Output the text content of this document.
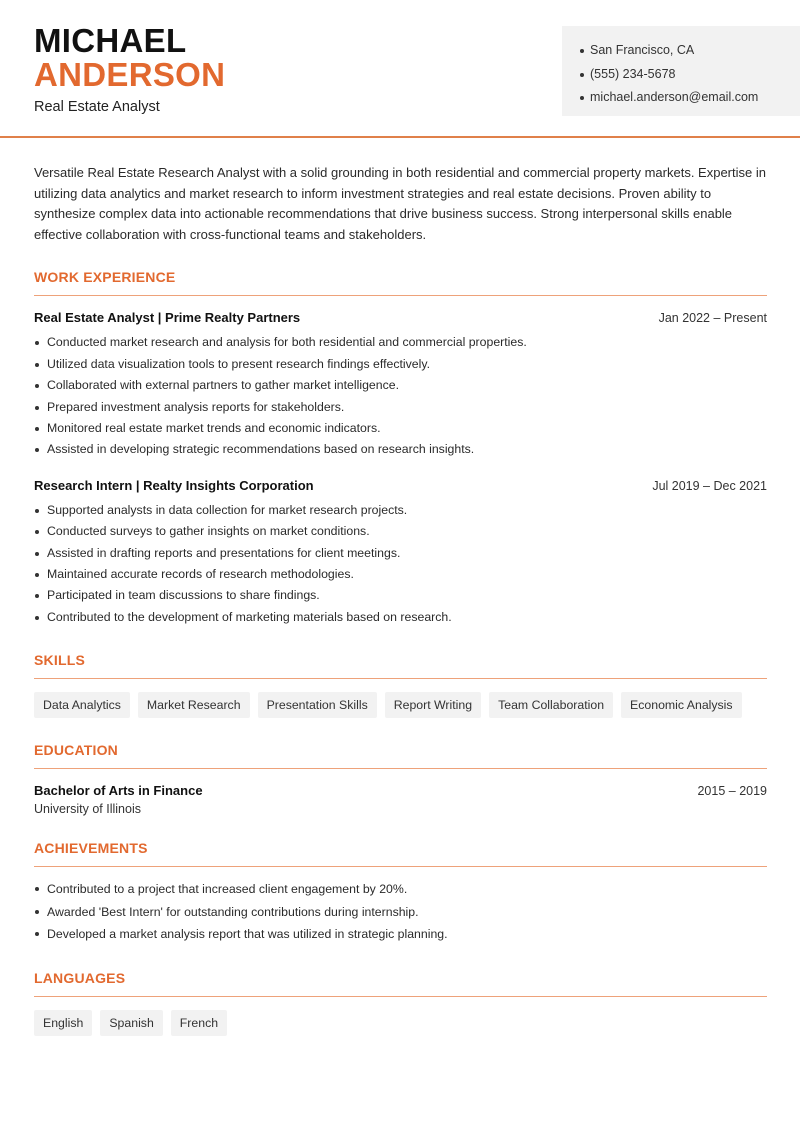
MICHAEL
ANDERSON
Real Estate Analyst
San Francisco, CA
(555) 234-5678
michael.anderson@email.com

Versatile Real Estate Research Analyst with a solid grounding in both residential and commercial property markets. Expertise in utilizing data analytics and market research to inform investment strategies and real estate decisions. Proven ability to synthesize complex data into actionable recommendations that drive business success. Strong interpersonal skills enable effective collaboration with cross-functional teams and stakeholders.

WORK EXPERIENCE
Real Estate Analyst | Prime Realty Partners	Jan 2022 – Present
Conducted market research and analysis for both residential and commercial properties.
Utilized data visualization tools to present research findings effectively.
Collaborated with external partners to gather market intelligence.
Prepared investment analysis reports for stakeholders.
Monitored real estate market trends and economic indicators.
Assisted in developing strategic recommendations based on research insights.
Research Intern | Realty Insights Corporation	Jul 2019 – Dec 2021
Supported analysts in data collection for market research projects.
Conducted surveys to gather insights on market conditions.
Assisted in drafting reports and presentations for client meetings.
Maintained accurate records of research methodologies.
Participated in team discussions to share findings.
Contributed to the development of marketing materials based on research.
SKILLS
Data Analytics	Market Research	Presentation Skills	Report Writing	Team Collaboration	Economic Analysis
EDUCATION
Bachelor of Arts in Finance	2015 – 2019
University of Illinois
ACHIEVEMENTS
Contributed to a project that increased client engagement by 20%.
Awarded 'Best Intern' for outstanding contributions during internship.
Developed a market analysis report that was utilized in strategic planning.
LANGUAGES
English	Spanish	French
